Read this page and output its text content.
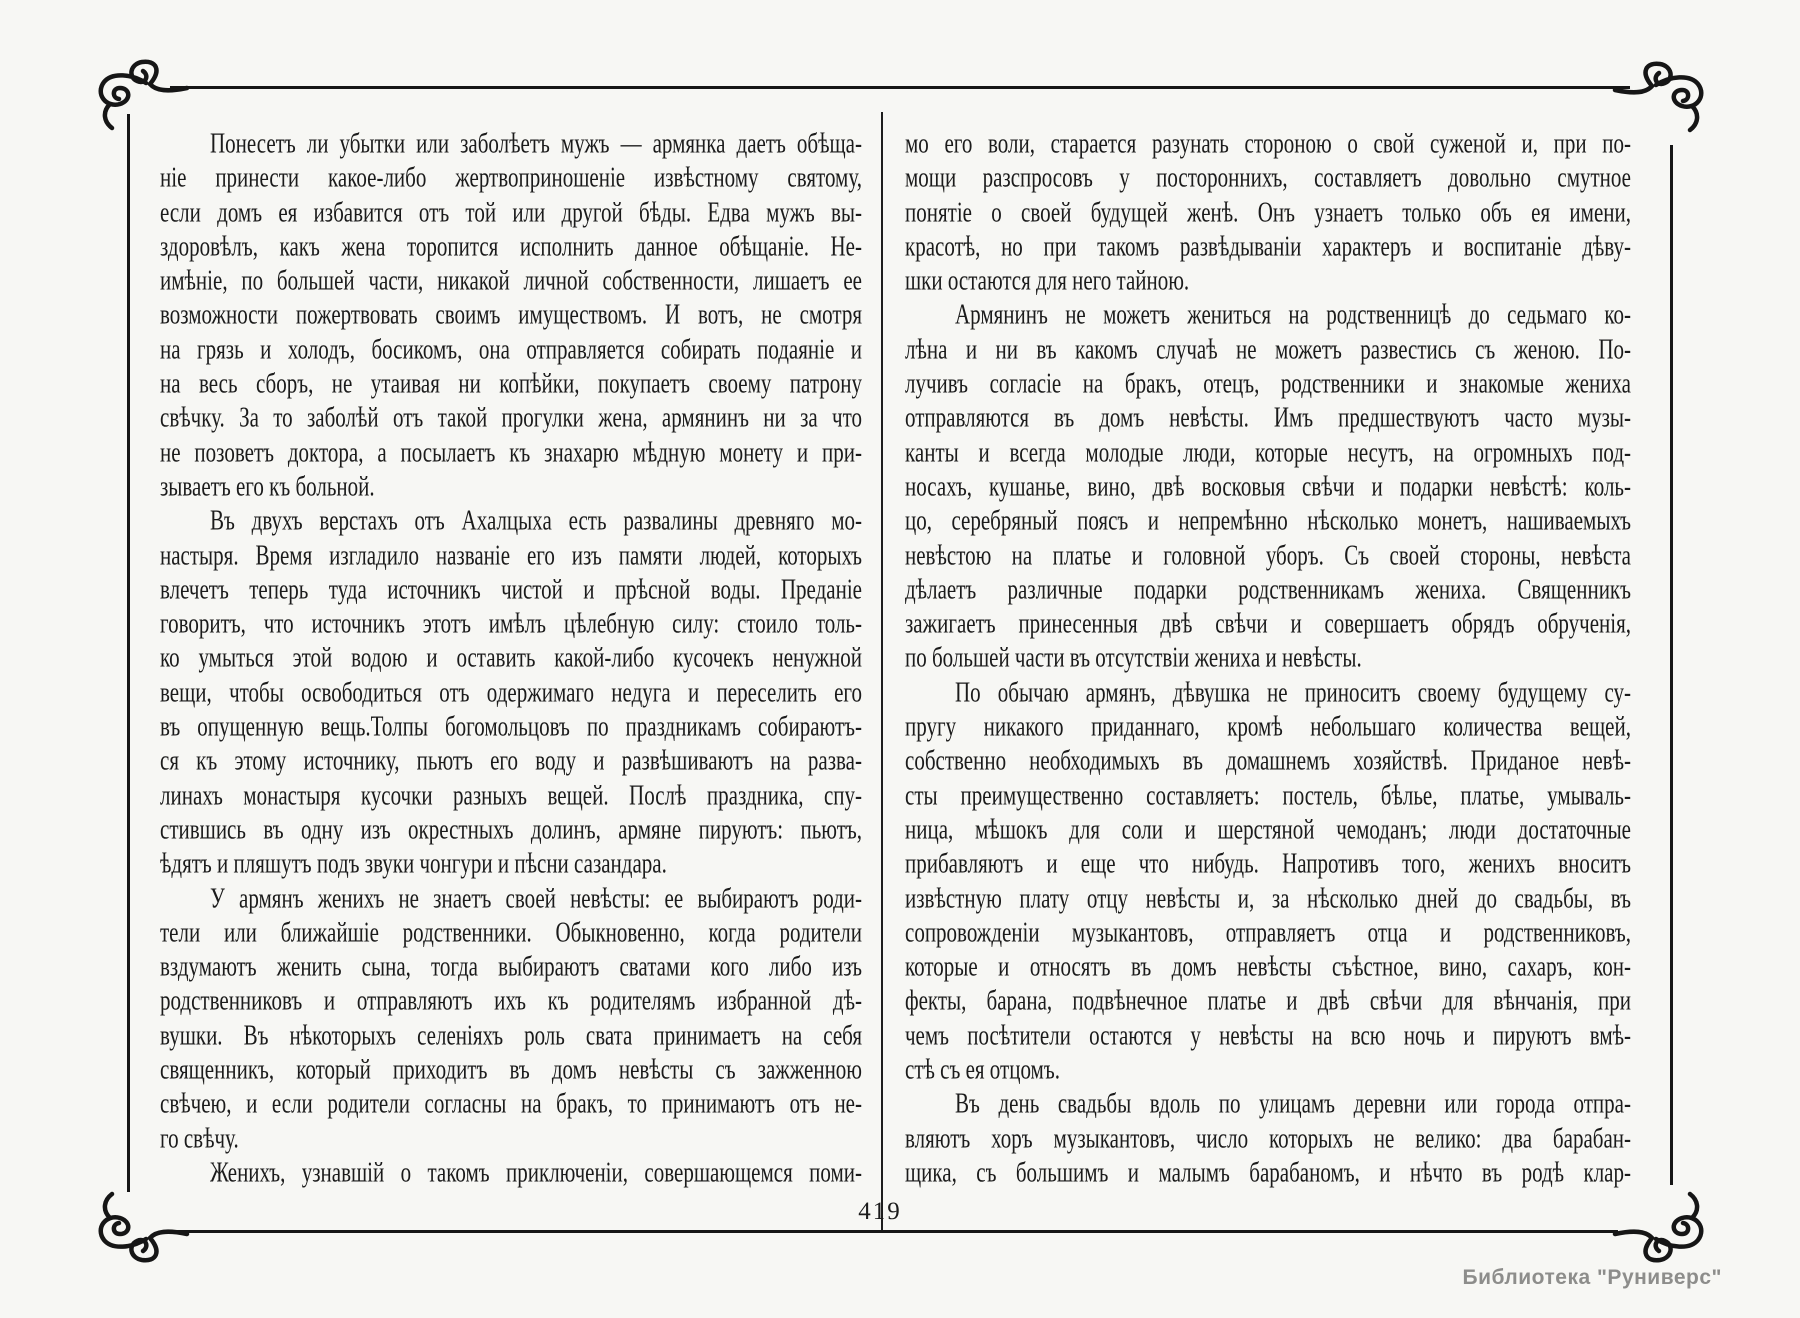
Понесетъ ли убытки или заболѣетъ мужъ — армянка даетъ обѣща-
ніе принести какое-либо жертвоприношеніе извѣстному святому,
если домъ ея избавится отъ той или другой бѣды. Едва мужъ вы-
здоровѣлъ, какъ жена торопится исполнить данное обѣщаніе. Не-
имѣніе, по большей части, никакой личной собственности, лишаетъ ее
возможности пожертвовать своимъ имуществомъ. И вотъ, не смотря
на грязь и холодъ, босикомъ, она отправляется собирать подаяніе и
на весь сборъ, не утаивая ни копѣйки, покупаетъ своему патрону
свѣчку. За то заболѣй отъ такой прогулки жена, армянинъ ни за что
не позоветъ доктора, а посылаетъ къ знахарю мѣдную монету и при-
зываетъ его къ больной.
Въ двухъ верстахъ отъ Ахалцыха есть развалины древняго мо-
настыря. Время изгладило названіе его изъ памяти людей, которыхъ
влечетъ теперь туда источникъ чистой и прѣсной воды. Преданіе
говоритъ, что источникъ этотъ имѣлъ цѣлебную силу: стоило толь-
ко умыться этой водою и оставить какой-либо кусочекъ ненужной
вещи, чтобы освободиться отъ одержимаго недуга и переселить его
въ опущенную вещь.Толпы богомольцовъ по праздникамъ собираютъ-
ся къ этому источнику, пьютъ его воду и развѣшиваютъ на разва-
линахъ монастыря кусочки разныхъ вещей. Послѣ праздника, спу-
стившись въ одну изъ окрестныхъ долинъ, армяне пируютъ: пьютъ,
ѣдятъ и пляшутъ подъ звуки чонгури и пѣсни сазандара.
У армянъ женихъ не знаетъ своей невѣсты: ее выбираютъ роди-
тели или ближайшіе родственники. Обыкновенно, когда родители
вздумаютъ женить сына, тогда выбираютъ сватами кого либо изъ
родственниковъ и отправляютъ ихъ къ родителямъ избранной дѣ-
вушки. Въ нѣкоторыхъ селеніяхъ роль свата принимаетъ на себя
священникъ, который приходитъ въ домъ невѣсты съ зажженною
свѣчею, и если родители согласны на бракъ, то принимаютъ отъ не-
го свѣчу.
Женихъ, узнавшій о такомъ приключеніи, совершающемся поми-
мо его воли, старается разунать стороною о свой суженой и, при по-
мощи разспросовъ у постороннихъ, составляетъ довольно смутное
понятіе о своей будущей женѣ. Онъ узнаетъ только объ ея имени,
красотѣ, но при такомъ развѣдываніи характеръ и воспитаніе дѣву-
шки остаются для него тайною.
Армянинъ не можетъ жениться на родственницѣ до седьмаго ко-
лѣна и ни въ какомъ случаѣ не можетъ развестись съ женою. По-
лучивъ согласіе на бракъ, отецъ, родственники и знакомые жениха
отправляются въ домъ невѣсты. Имъ предшествуютъ часто музы-
канты и всегда молодые люди, которые несутъ, на огромныхъ под-
носахъ, кушанье, вино, двѣ восковыя свѣчи и подарки невѣстѣ: коль-
цо, серебряный поясъ и непремѣнно нѣсколько монетъ, нашиваемыхъ
невѣстою на платье и головной уборъ. Съ своей стороны, невѣста
дѣлаетъ различные подарки родственникамъ жениха. Священникъ
зажигаетъ принесенныя двѣ свѣчи и совершаетъ обрядъ обрученія,
по большей части въ отсутствіи жениха и невѣсты.
По обычаю армянъ, дѣвушка не приноситъ своему будущему су-
пругу никакого приданнаго, кромѣ небольшаго количества вещей,
собственно необходимыхъ въ домашнемъ хозяйствѣ. Приданое невѣ-
сты преимущественно составляетъ: постель, бѣлье, платье, умываль-
ница, мѣшокъ для соли и шерстяной чемоданъ; люди достаточные
прибавляютъ и еще что нибудь. Напротивъ того, женихъ вноситъ
извѣстную плату отцу невѣсты и, за нѣсколько дней до свадьбы, въ
сопровожденіи музыкантовъ, отправляетъ отца и родственниковъ,
которые и относятъ въ домъ невѣсты съѣстное, вино, сахаръ, кон-
фекты, барана, подвѣнечное платье и двѣ свѣчи для вѣнчанія, при
чемъ посѣтители остаются у невѣсты на всю ночь и пируютъ вмѣ-
стѣ съ ея отцомъ.
Въ день свадьбы вдоль по улицамъ деревни или города отпра-
вляютъ хоръ музыкантовъ, число которыхъ не велико: два барабан-
щика, съ большимъ и малымъ барабаномъ, и нѣчто въ родѣ клар-
419
Библиотека "Руниверс"
